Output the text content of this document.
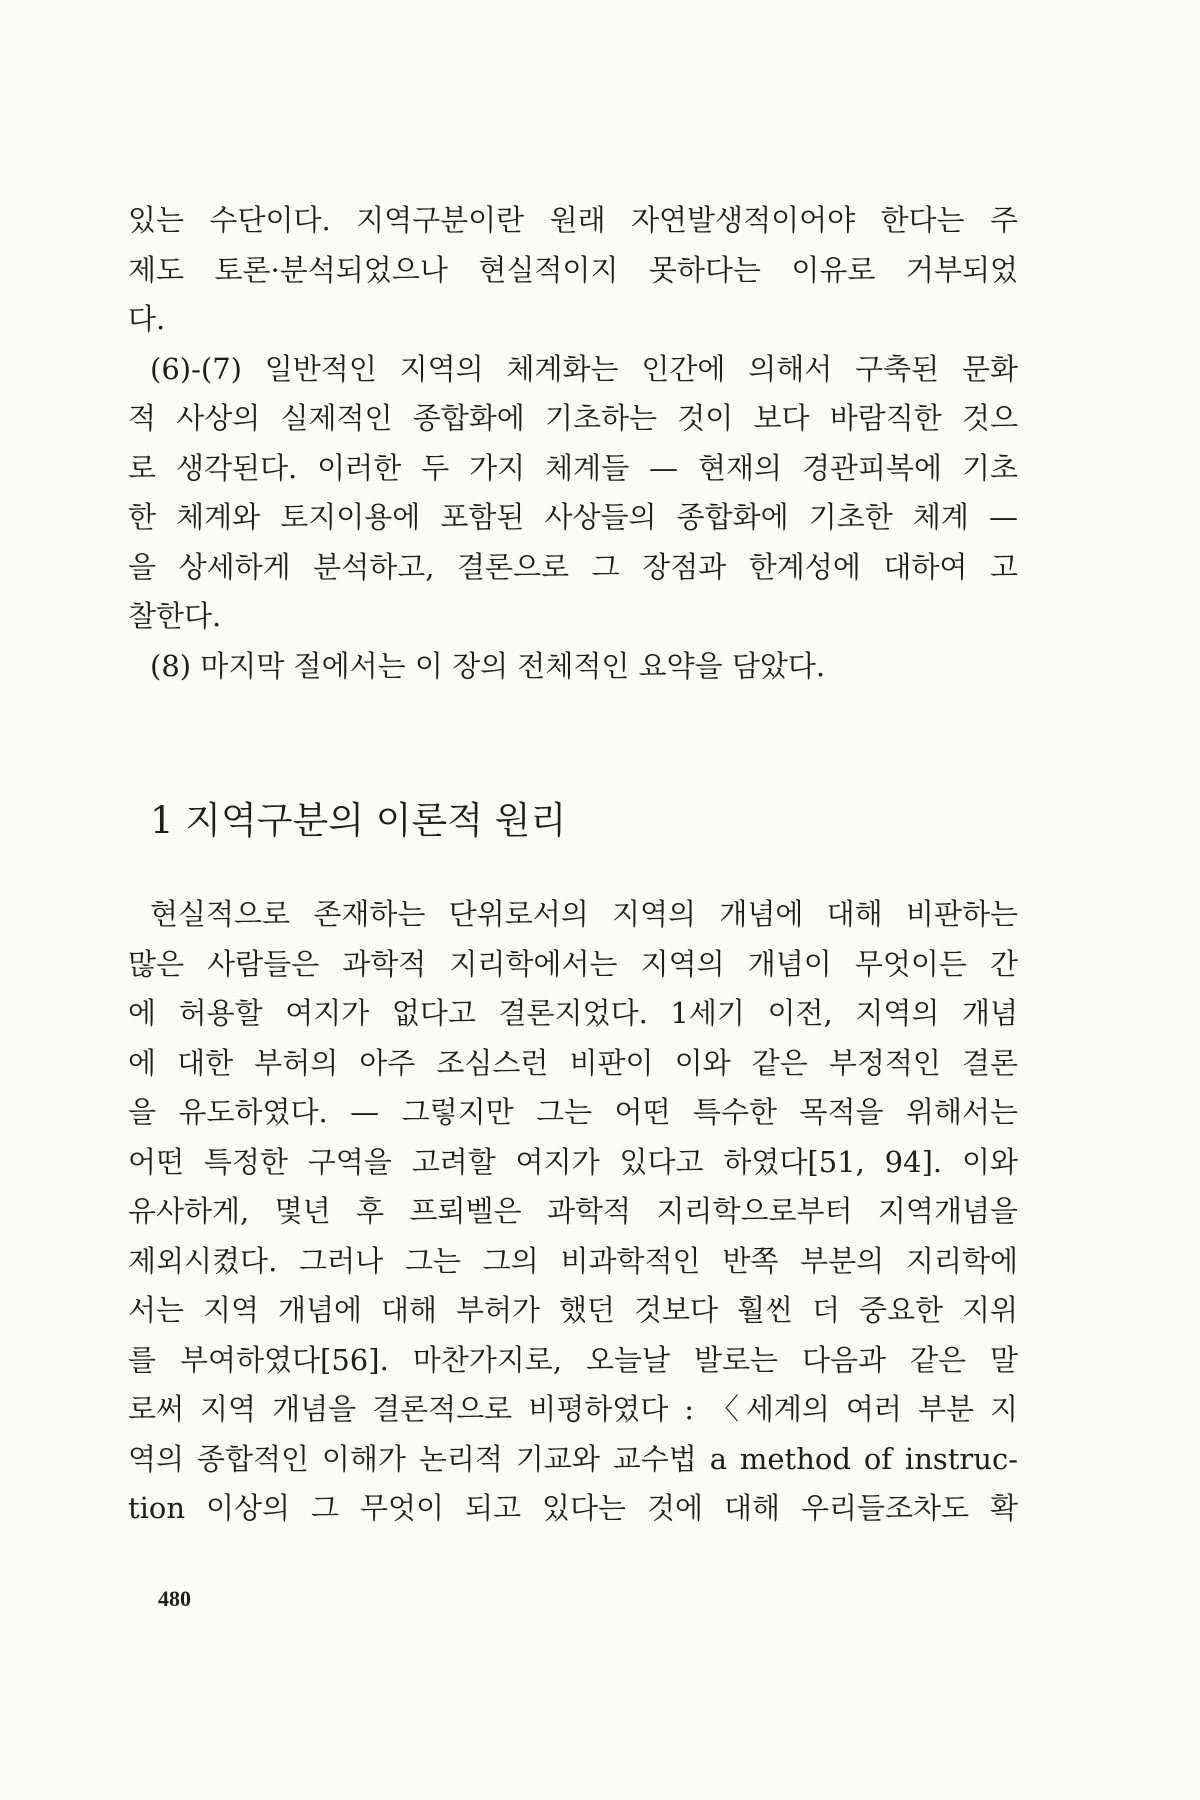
있는 수단이다. 지역구분이란 원래 자연발생적이어야 한다는 주
제도 토론·분석되었으나 현실적이지 못하다는 이유로 거부되었
다.
(6)-(7) 일반적인 지역의 체계화는 인간에 의해서 구축된 문화
적 사상의 실제적인 종합화에 기초하는 것이 보다 바람직한 것으
로 생각된다. 이러한 두 가지 체계들 — 현재의 경관피복에 기초
한 체계와 토지이용에 포함된 사상들의 종합화에 기초한 체계 —
을 상세하게 분석하고, 결론으로 그 장점과 한계성에 대하여 고
찰한다.
(8) 마지막 절에서는 이 장의 전체적인 요약을 담았다.
1 지역구분의 이론적 원리
현실적으로 존재하는 단위로서의 지역의 개념에 대해 비판하는
많은 사람들은 과학적 지리학에서는 지역의 개념이 무엇이든 간
에 허용할 여지가 없다고 결론지었다. 1세기 이전, 지역의 개념
에 대한 부허의 아주 조심스런 비판이 이와 같은 부정적인 결론
을 유도하였다. — 그렇지만 그는 어떤 특수한 목적을 위해서는
어떤 특정한 구역을 고려할 여지가 있다고 하였다[51, 94]. 이와
유사하게, 몇년 후 프뢰벨은 과학적 지리학으로부터 지역개념을
제외시켰다. 그러나 그는 그의 비과학적인 반쪽 부분의 지리학에
서는 지역 개념에 대해 부허가 했던 것보다 훨씬 더 중요한 지위
를 부여하였다[56]. 마찬가지로, 오늘날 발로는 다음과 같은 말
로써 지역 개념을 결론적으로 비평하였다 : 〈세계의 여러 부분 지
역의 종합적인 이해가 논리적 기교와 교수법 a method of instruc-
tion 이상의 그 무엇이 되고 있다는 것에 대해 우리들조차도 확
480
